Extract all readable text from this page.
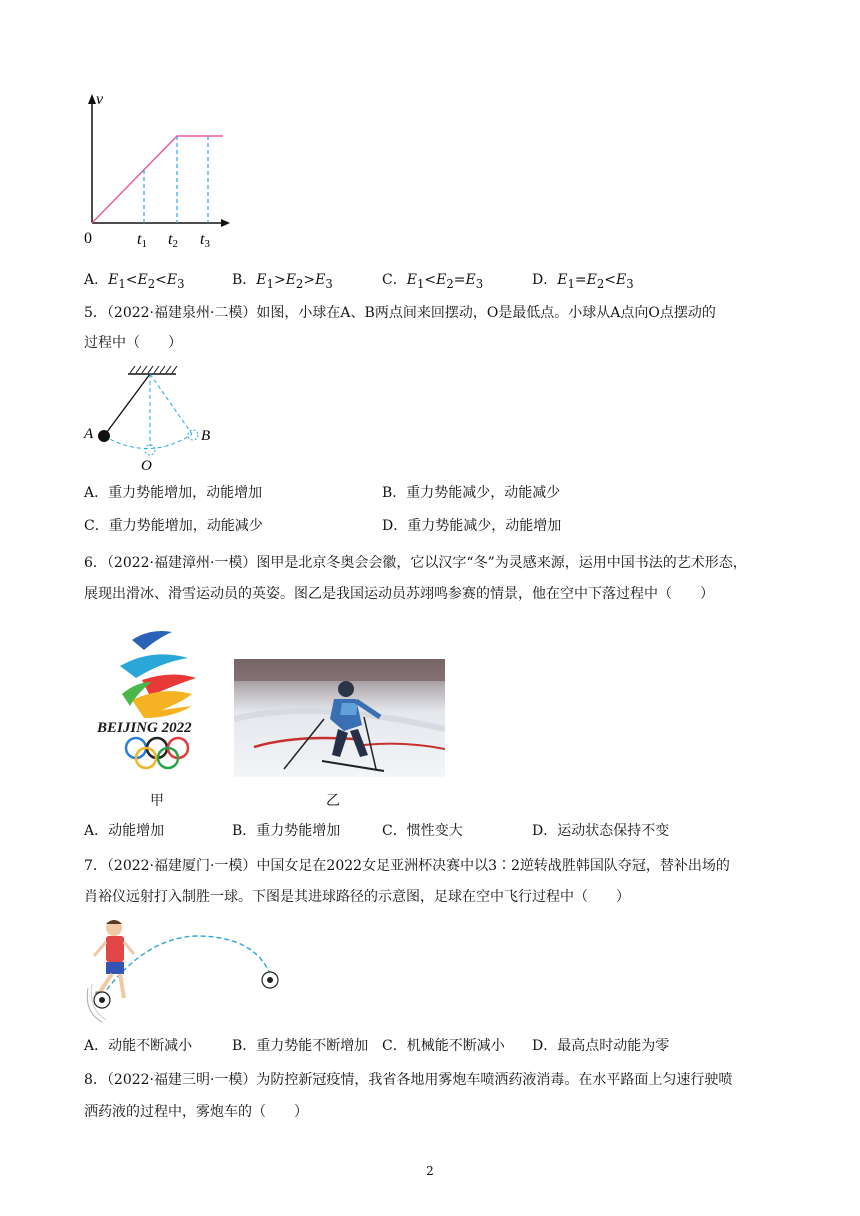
v
0	t1 t2 t3
A．$E_1<E_2<E_3$	B．$E_1>E_2>E_3$	C．$E_1<E_2=E_3$	D．$E_1=E_2<E_3$
5．（2022·福建泉州·二模）如图，小球在A、B两点间来回摆动，O是最低点。小球从A点向O点摆动的
过程中（　　）
A	B
O
A．重力势能增加，动能增加	B．重力势能减少，动能减少
C．重力势能增加，动能减少	D．重力势能减少，动能增加
6．（2022·福建漳州·一模）图甲是北京冬奥会会徽，它以汉字“冬”为灵感来源，运用中国书法的艺术形态，
展现出滑冰、滑雪运动员的英姿。图乙是我国运动员苏翊鸣参赛的情景，他在空中下落过程中（　　）
BEIJING 2022
甲	乙
A．动能增加	B．重力势能增加	C．惯性变大	D．运动状态保持不变
7．（2022·福建厦门·一模）中国女足在2022女足亚洲杯决赛中以3∶2逆转战胜韩国队夺冠，替补出场的
肖裕仪远射打入制胜一球。下图是其进球路径的示意图，足球在空中飞行过程中（　　）
A．动能不断减小	B．重力势能不断增加 C．机械能不断减小 D．最高点时动能为零
8．（2022·福建三明·一模）为防控新冠疫情，我省各地用雾炮车喷洒药液消毒。在水平路面上匀速行驶喷
洒药液的过程中，雾炮车的（　　）
2
